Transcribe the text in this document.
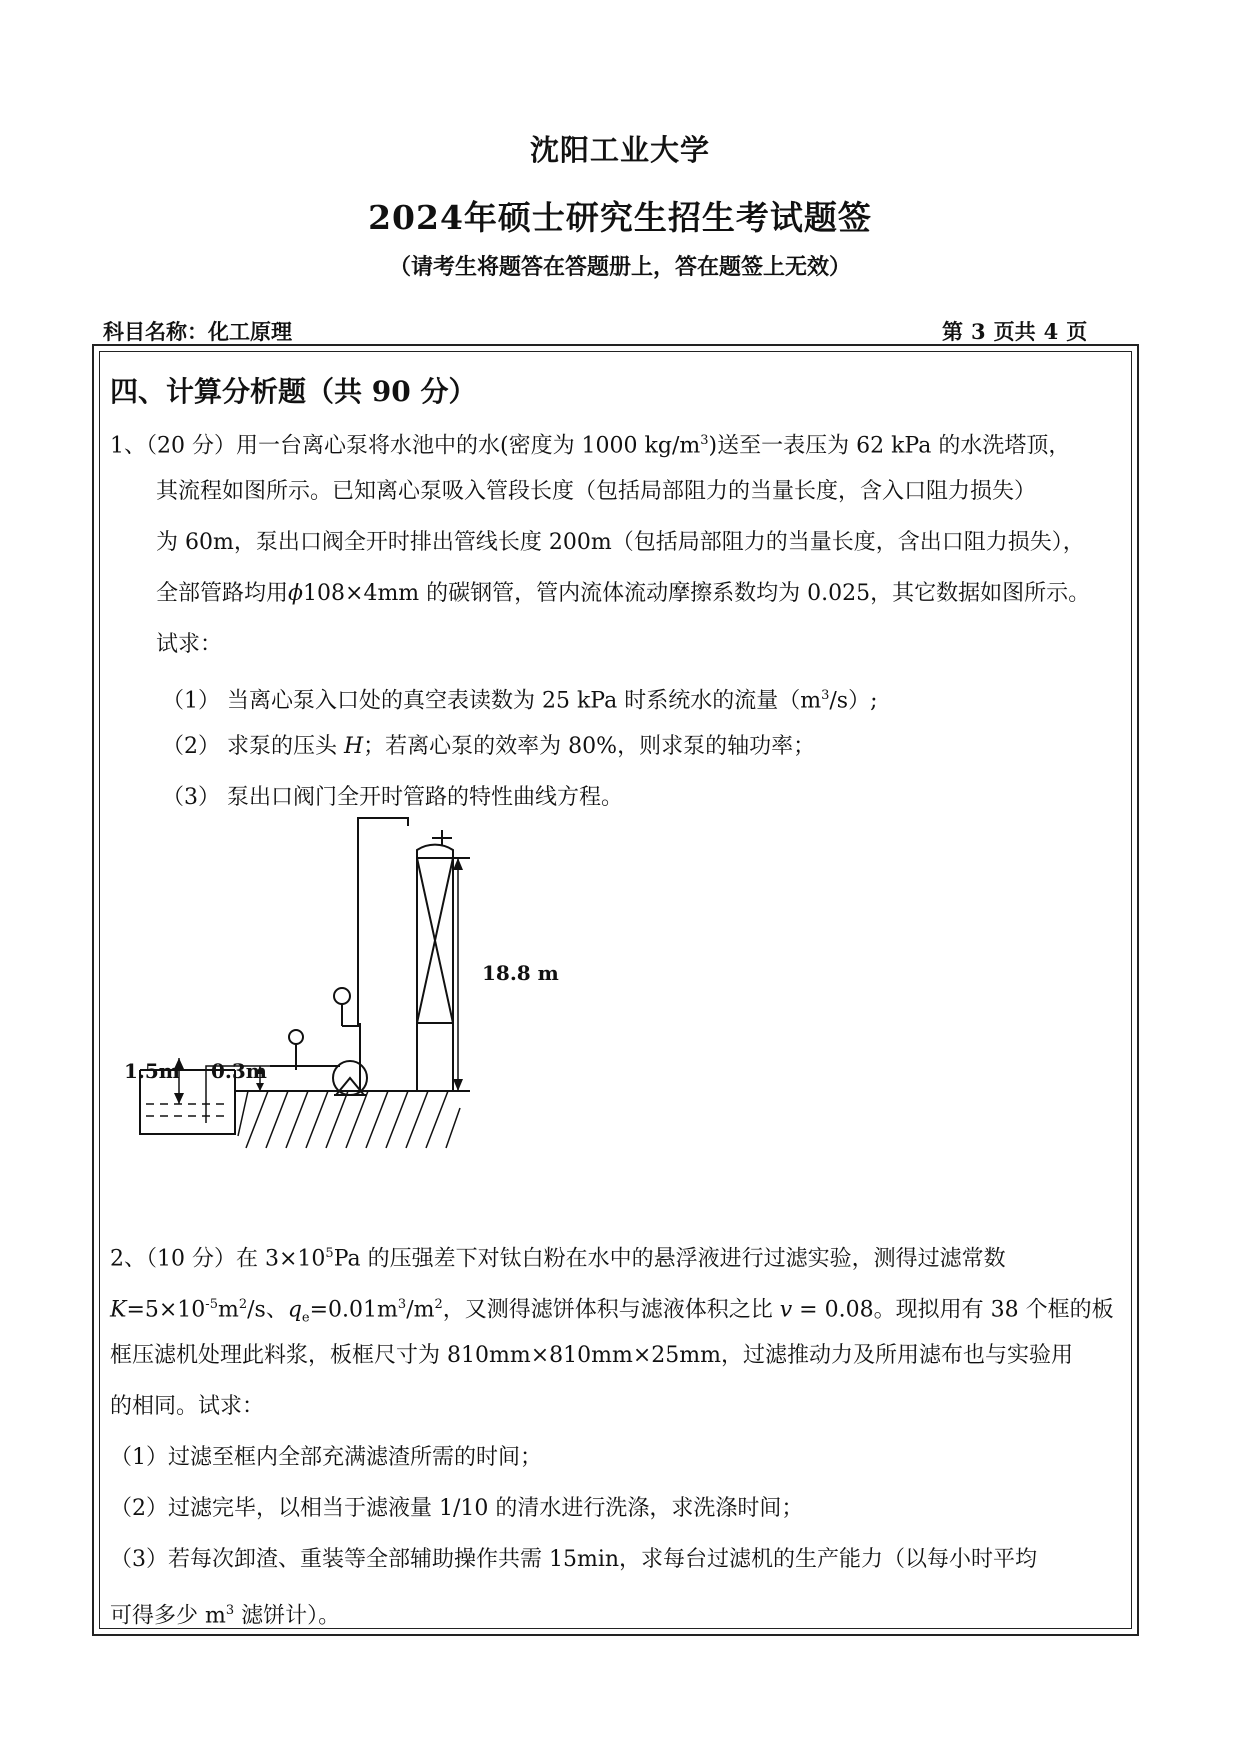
沈阳工业大学
2024年硕士研究生招生考试题签
（请考生将题答在答题册上，答在题签上无效）
科目名称：化工原理	第 3 页共 4 页
四、计算分析题（共 90 分）
1、（20 分）用一台离心泵将水池中的水(密度为 1000 $kg/m^3$)送至一表压为 62 kPa 的水洗塔顶，
其流程如图所示。已知离心泵吸入管段长度（包括局部阻力的当量长度，含入口阻力损失）
为 60m，泵出口阀全开时排出管线长度 200m（包括局部阻力的当量长度，含出口阻力损失），
全部管路均用ϕ108×4mm 的碳钢管，管内流体流动摩擦系数均为 0.025，其它数据如图所示。
试求：
（1） 当离心泵入口处的真空表读数为 25 kPa 时系统水的流量$(m^3/s)$;
（2） 求泵的压头 H；若离心泵的效率为 80%，则求泵的轴功率；
（3） 泵出口阀门全开时管路的特性曲线方程。
18.8 m
1.5m 0.3m
2、（10 分）在 $3\times 10^5Pa$ 的压强差下对钛白粉在水中的悬浮液进行过滤实验，测得过滤常数
$K=5\times 10^{-5}m^2/s$、$q_e=0.01m^3/m^2$，又测得滤饼体积与滤液体积之比 v = 0.08。现拟用有 38 个框的板
框压滤机处理此料浆，板框尺寸为 810mm×810mm×25mm，过滤推动力及所用滤布也与实验用
的相同。试求：
（1）过滤至框内全部充满滤渣所需的时间；
（2）过滤完毕，以相当于滤液量 1/10 的清水进行洗涤，求洗涤时间；
（3）若每次卸渣、重装等全部辅助操作共需 15min，求每台过滤机的生产能力（以每小时平均
可得多少 $m^3$ 滤饼计）。
